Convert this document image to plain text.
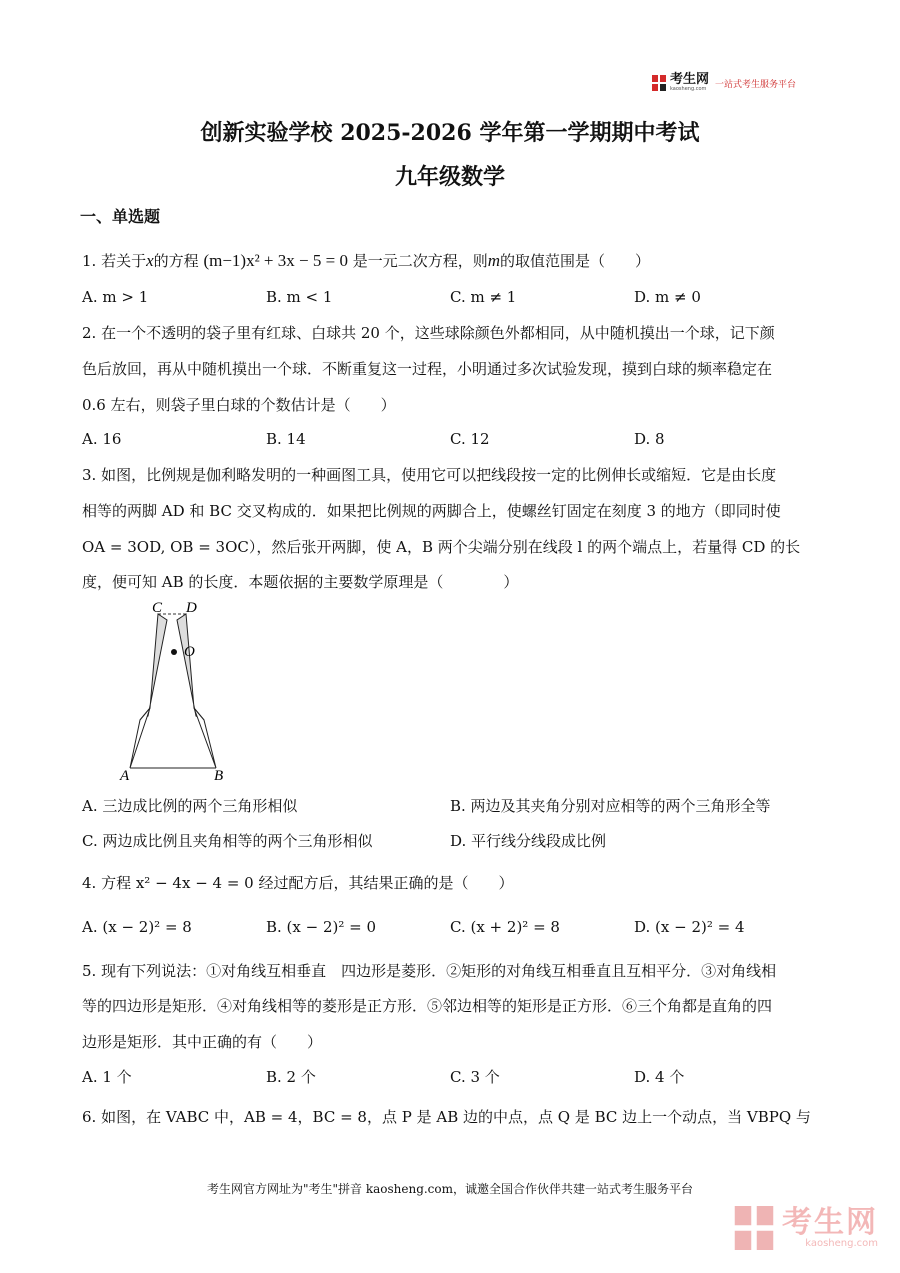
考生网
kaosheng.com 一站式考生服务平台
创新实验学校 2025-2026 学年第一学期期中考试
九年级数学
一、单选题
1. 若关于x的方程 (m−1)x² + 3x − 5 = 0 是一元二次方程，则m的取值范围是（　　）
A. m > 1	B. m < 1	C. m ≠ 1	D. m ≠ 0
2. 在一个不透明的袋子里有红球、白球共 20 个，这些球除颜色外都相同，从中随机摸出一个球，记下颜
色后放回，再从中随机摸出一个球．不断重复这一过程，小明通过多次试验发现，摸到白球的频率稳定在
0.6 左右，则袋子里白球的个数估计是（　　）
A. 16	B. 14	C. 12	D. 8
3. 如图，比例规是伽利略发明的一种画图工具，使用它可以把线段按一定的比例伸长或缩短．它是由长度
相等的两脚 AD 和 BC 交叉构成的．如果把比例规的两脚合上，使螺丝钉固定在刻度 3 的地方（即同时使
OA = 3OD, OB = 3OC），然后张开两脚，使 A，B 两个尖端分别在线段 l 的两个端点上，若量得 CD 的长
度，便可知 AB 的长度．本题依据的主要数学原理是（　　　　）
C D
O
A	B
A. 三边成比例的两个三角形相似	B. 两边及其夹角分别对应相等的两个三角形全等
C. 两边成比例且夹角相等的两个三角形相似	D. 平行线分线段成比例
4. 方程 x² − 4x − 4 = 0 经过配方后，其结果正确的是（　　）
A. (x − 2)² = 8	B. (x − 2)² = 0	C. (x + 2)² = 8	D. (x − 2)² = 4
5. 现有下列说法：①对角线互相垂直　四边形是菱形．②矩形的对角线互相垂直且互相平分．③对角线相
等的四边形是矩形．④对角线相等的菱形是正方形．⑤邻边相等的矩形是正方形．⑥三个角都是直角的四
边形是矩形．其中正确的有（　　）
A. 1 个	B. 2 个	C. 3 个	D. 4 个
6. 如图，在 VABC 中，AB = 4，BC = 8，点 P 是 AB 边的中点，点 Q 是 BC 边上一个动点，当 VBPQ 与
考生网官方网址为"考生"拼音 kaosheng.com，诚邀全国合作伙伴共建一站式考生服务平台
考生网
kaosheng.com
